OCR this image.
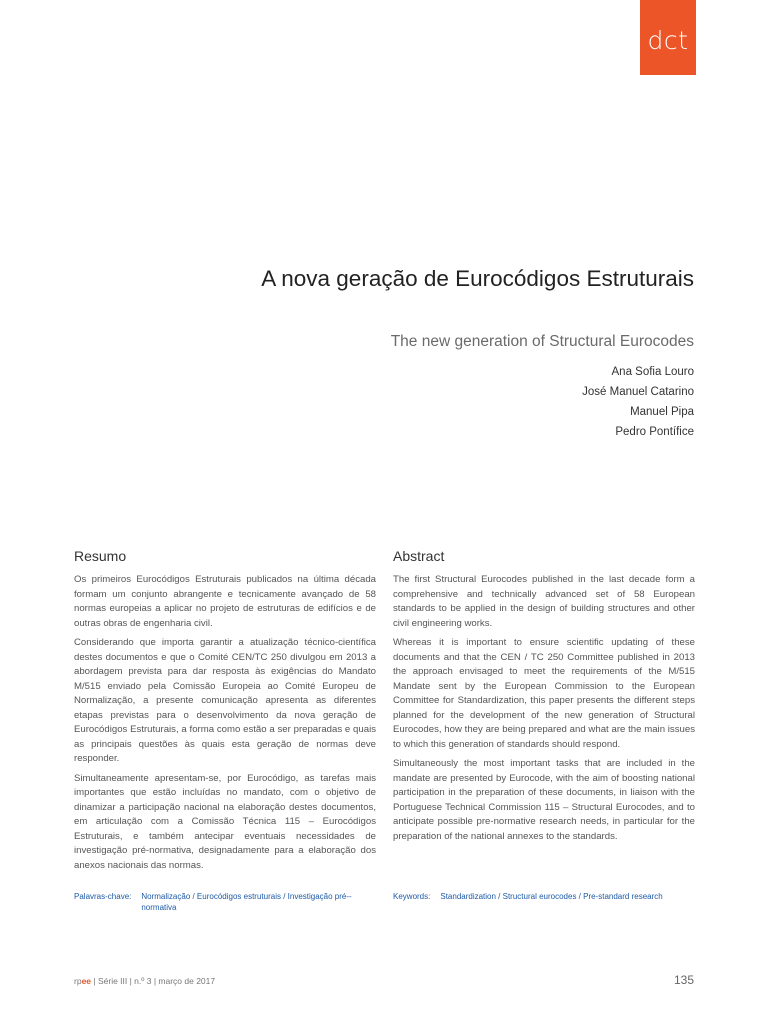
dct
A nova geração de Eurocódigos Estruturais
The new generation of Structural Eurocodes
Ana Sofia Louro
José Manuel Catarino
Manuel Pipa
Pedro Pontífice
Resumo

Os primeiros Eurocódigos Estruturais publicados na última década formam um conjunto abrangente e tecnicamente avançado de 58 normas europeias a aplicar no projeto de estruturas de edifícios e de outras obras de engenharia civil.

Considerando que importa garantir a atualização técnico-científica destes documentos e que o Comité CEN/TC 250 divulgou em 2013 a abordagem prevista para dar resposta às exigências do Mandato M/515 enviado pela Comissão Europeia ao Comité Europeu de Normalização, a presente comunicação apresenta as diferentes etapas previstas para o desenvolvimento da nova geração de Eurocódigos Estruturais, a forma como estão a ser preparadas e quais as principais questões às quais esta geração de normas deve responder.

Simultaneamente apresentam-se, por Eurocódigo, as tarefas mais importantes que estão incluídas no mandato, com o objetivo de dinamizar a participação nacional na elaboração destes documentos, em articulação com a Comissão Técnica 115 – Eurocódigos Estruturais, e também antecipar eventuais necessidades de investigação pré-normativa, designadamente para a elaboração dos anexos nacionais das normas.

Abstract

The first Structural Eurocodes published in the last decade form a comprehensive and technically advanced set of 58 European standards to be applied in the design of building structures and other civil engineering works.

Whereas it is important to ensure scientific updating of these documents and that the CEN / TC 250 Committee published in 2013 the approach envisaged to meet the requirements of the M/515 Mandate sent by the European Commission to the European Committee for Standardization, this paper presents the different steps planned for the development of the new generation of Structural Eurocodes, how they are being prepared and what are the main issues to which this generation of standards should respond.

Simultaneously the most important tasks that are included in the mandate are presented by Eurocode, with the aim of boosting national participation in the preparation of these documents, in liaison with the Portuguese Technical Commission 115 – Structural Eurocodes, and to anticipate possible pre-normative research needs, in particular for the preparation of the national annexes to the standards.

Palavras-chave: Normalização / Eurocódigos estruturais / Investigação pré--normativa
Keywords: Standardization / Structural eurocodes / Pre-standard research
rpee | Série III | n.º 3 | março de 2017	135
